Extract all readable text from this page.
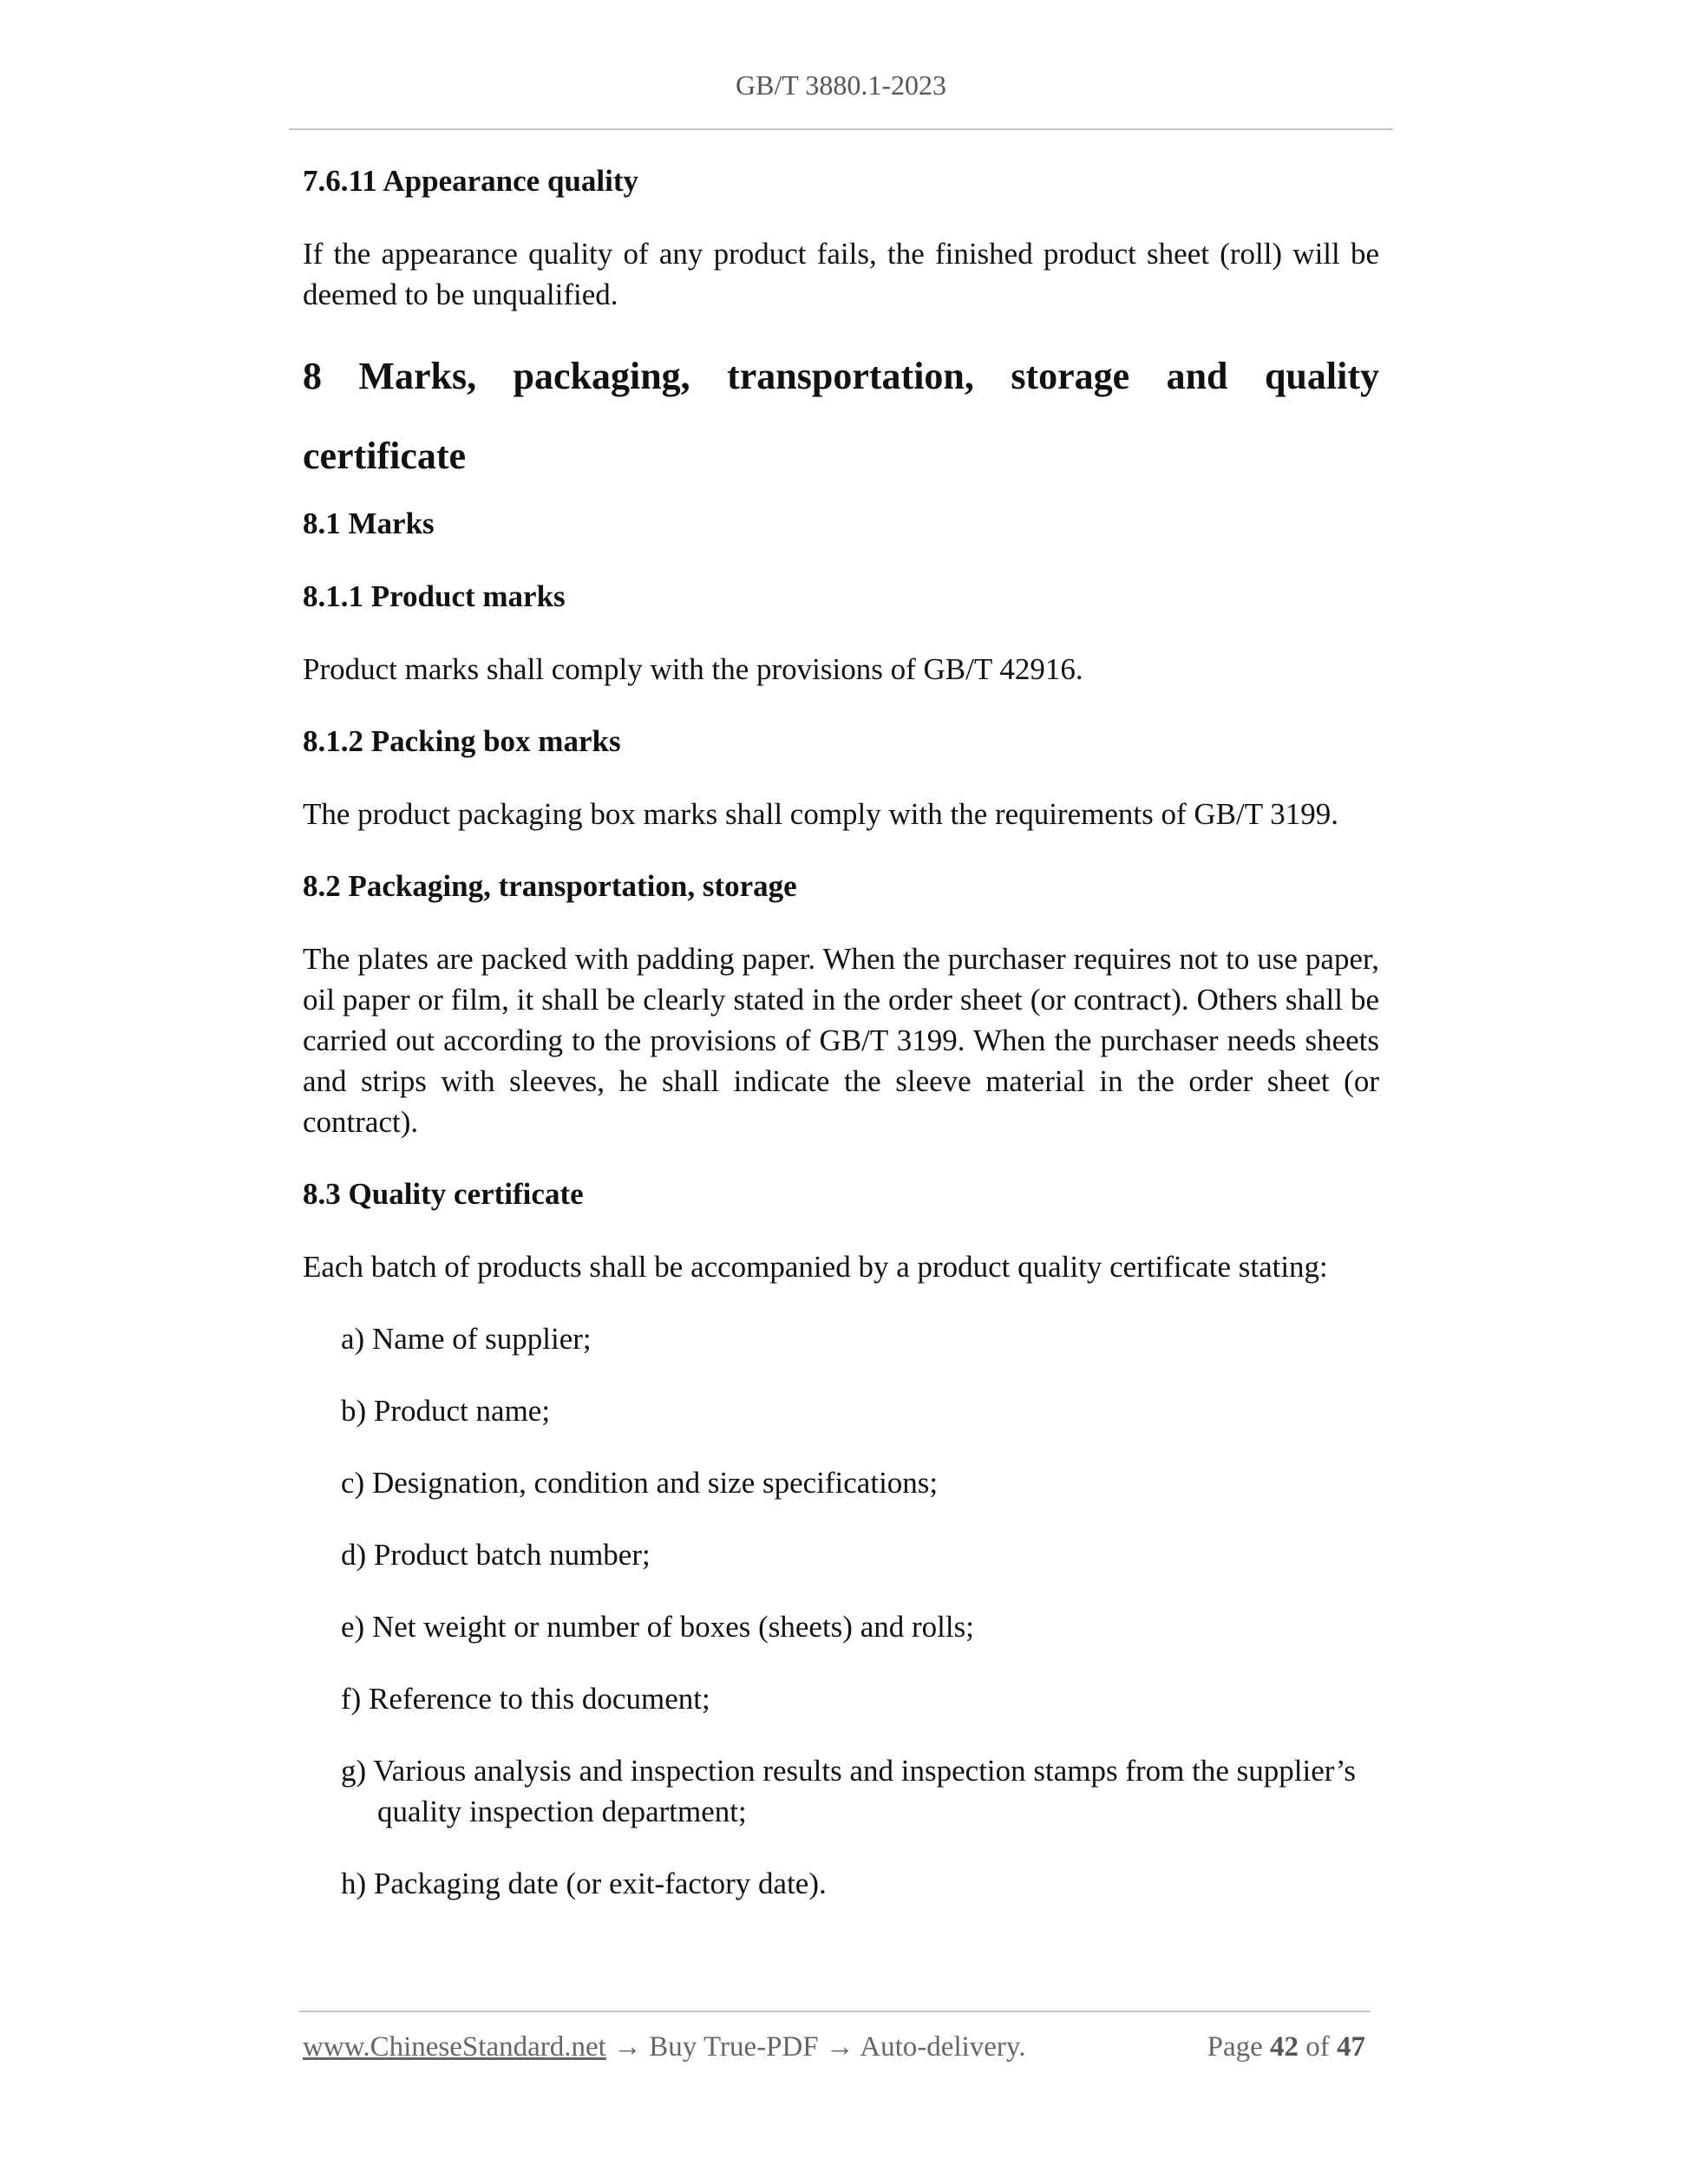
GB/T 3880.1-2023

7.6.11 Appearance quality

If the appearance quality of any product fails, the finished product sheet (roll) will be deemed to be unqualified.

8 Marks, packaging, transportation, storage and quality certificate

8.1 Marks

8.1.1 Product marks

Product marks shall comply with the provisions of GB/T 42916.

8.1.2 Packing box marks

The product packaging box marks shall comply with the requirements of GB/T 3199.

8.2 Packaging, transportation, storage

The plates are packed with padding paper. When the purchaser requires not to use paper, oil paper or film, it shall be clearly stated in the order sheet (or contract). Others shall be carried out according to the provisions of GB/T 3199. When the purchaser needs sheets and strips with sleeves, he shall indicate the sleeve material in the order sheet (or contract).

8.3 Quality certificate

Each batch of products shall be accompanied by a product quality certificate stating:

a) Name of supplier;

b) Product name;

c) Designation, condition and size specifications;

d) Product batch number;

e) Net weight or number of boxes (sheets) and rolls;

f) Reference to this document;

g) Various analysis and inspection results and inspection stamps from the supplier’s quality inspection department;

h) Packaging date (or exit-factory date).

www.ChineseStandard.net → Buy True-PDF → Auto-delivery.	Page 42 of 47
